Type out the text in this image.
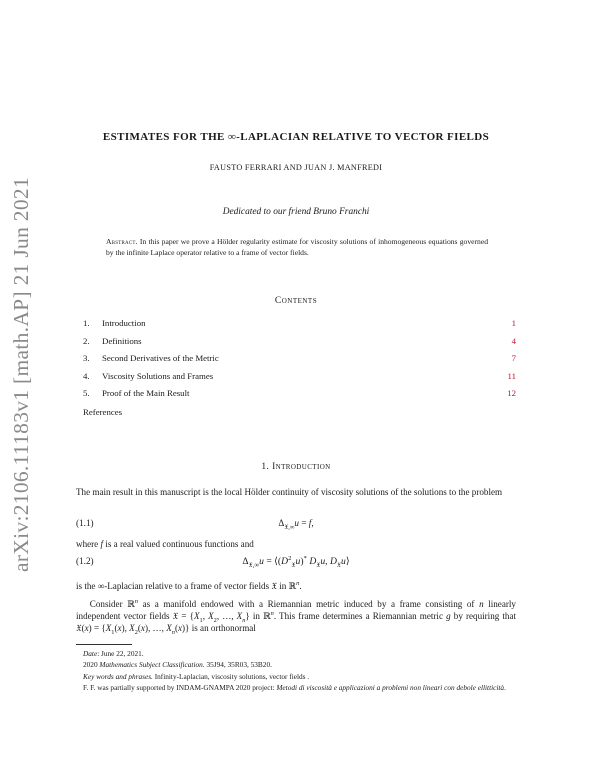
arXiv:2106.11183v1 [math.AP] 21 Jun 2021
ESTIMATES FOR THE ∞-LAPLACIAN RELATIVE TO VECTOR FIELDS
FAUSTO FERRARI AND JUAN J. MANFREDI
Dedicated to our friend Bruno Franchi
Abstract. In this paper we prove a Hölder regularity estimate for viscosity solutions of inhomogeneous equations governed by the infinite Laplace operator relative to a frame of vector fields.
Contents
1. Introduction	1
2. Definitions	4
3. Second Derivatives of the Metric	7
4. Viscosity Solutions and Frames	11
5. Proof of the Main Result	12
References
1. Introduction
The main result in this manuscript is the local Hölder continuity of viscosity solutions of the solutions to the problem
(1.1)	$\Delta_{𝔛,\infty}u = f$,
where f is a real valued continuous functions and
(1.2)	$\Delta_{𝔛,\infty}u$ = $⟨(D^2_𝔛u)^*$ $D_𝔛u$, $D_𝔛u⟩$
is the ∞-Laplacian relative to a frame of vector fields 𝔛 in ℝ$^n$.
Consider ℝ$^n$ as a manifold endowed with a Riemannian metric induced by a frame consisting of n linearly independent vector fields 𝔛 = {$X_1$, $X_2$, …, $X_n$} in ℝ$^n$. This frame determines a Riemannian metric g by requiring that 𝔛(x) = {$X_1(x)$, $X_2(x)$, …, $X_n(x)$} is an orthonormal
Date: June 22, 2021.
2020 Mathematics Subject Classification. 35J94, 35R03, 53B20.
Key words and phrases. Infinity-Laplacian, viscosity solutions, vector fields .
F. F. was partially supported by INDAM-GNAMPA 2020 project: Metodi di viscosità e applicazioni a problemi non lineari con debole ellitticità.
